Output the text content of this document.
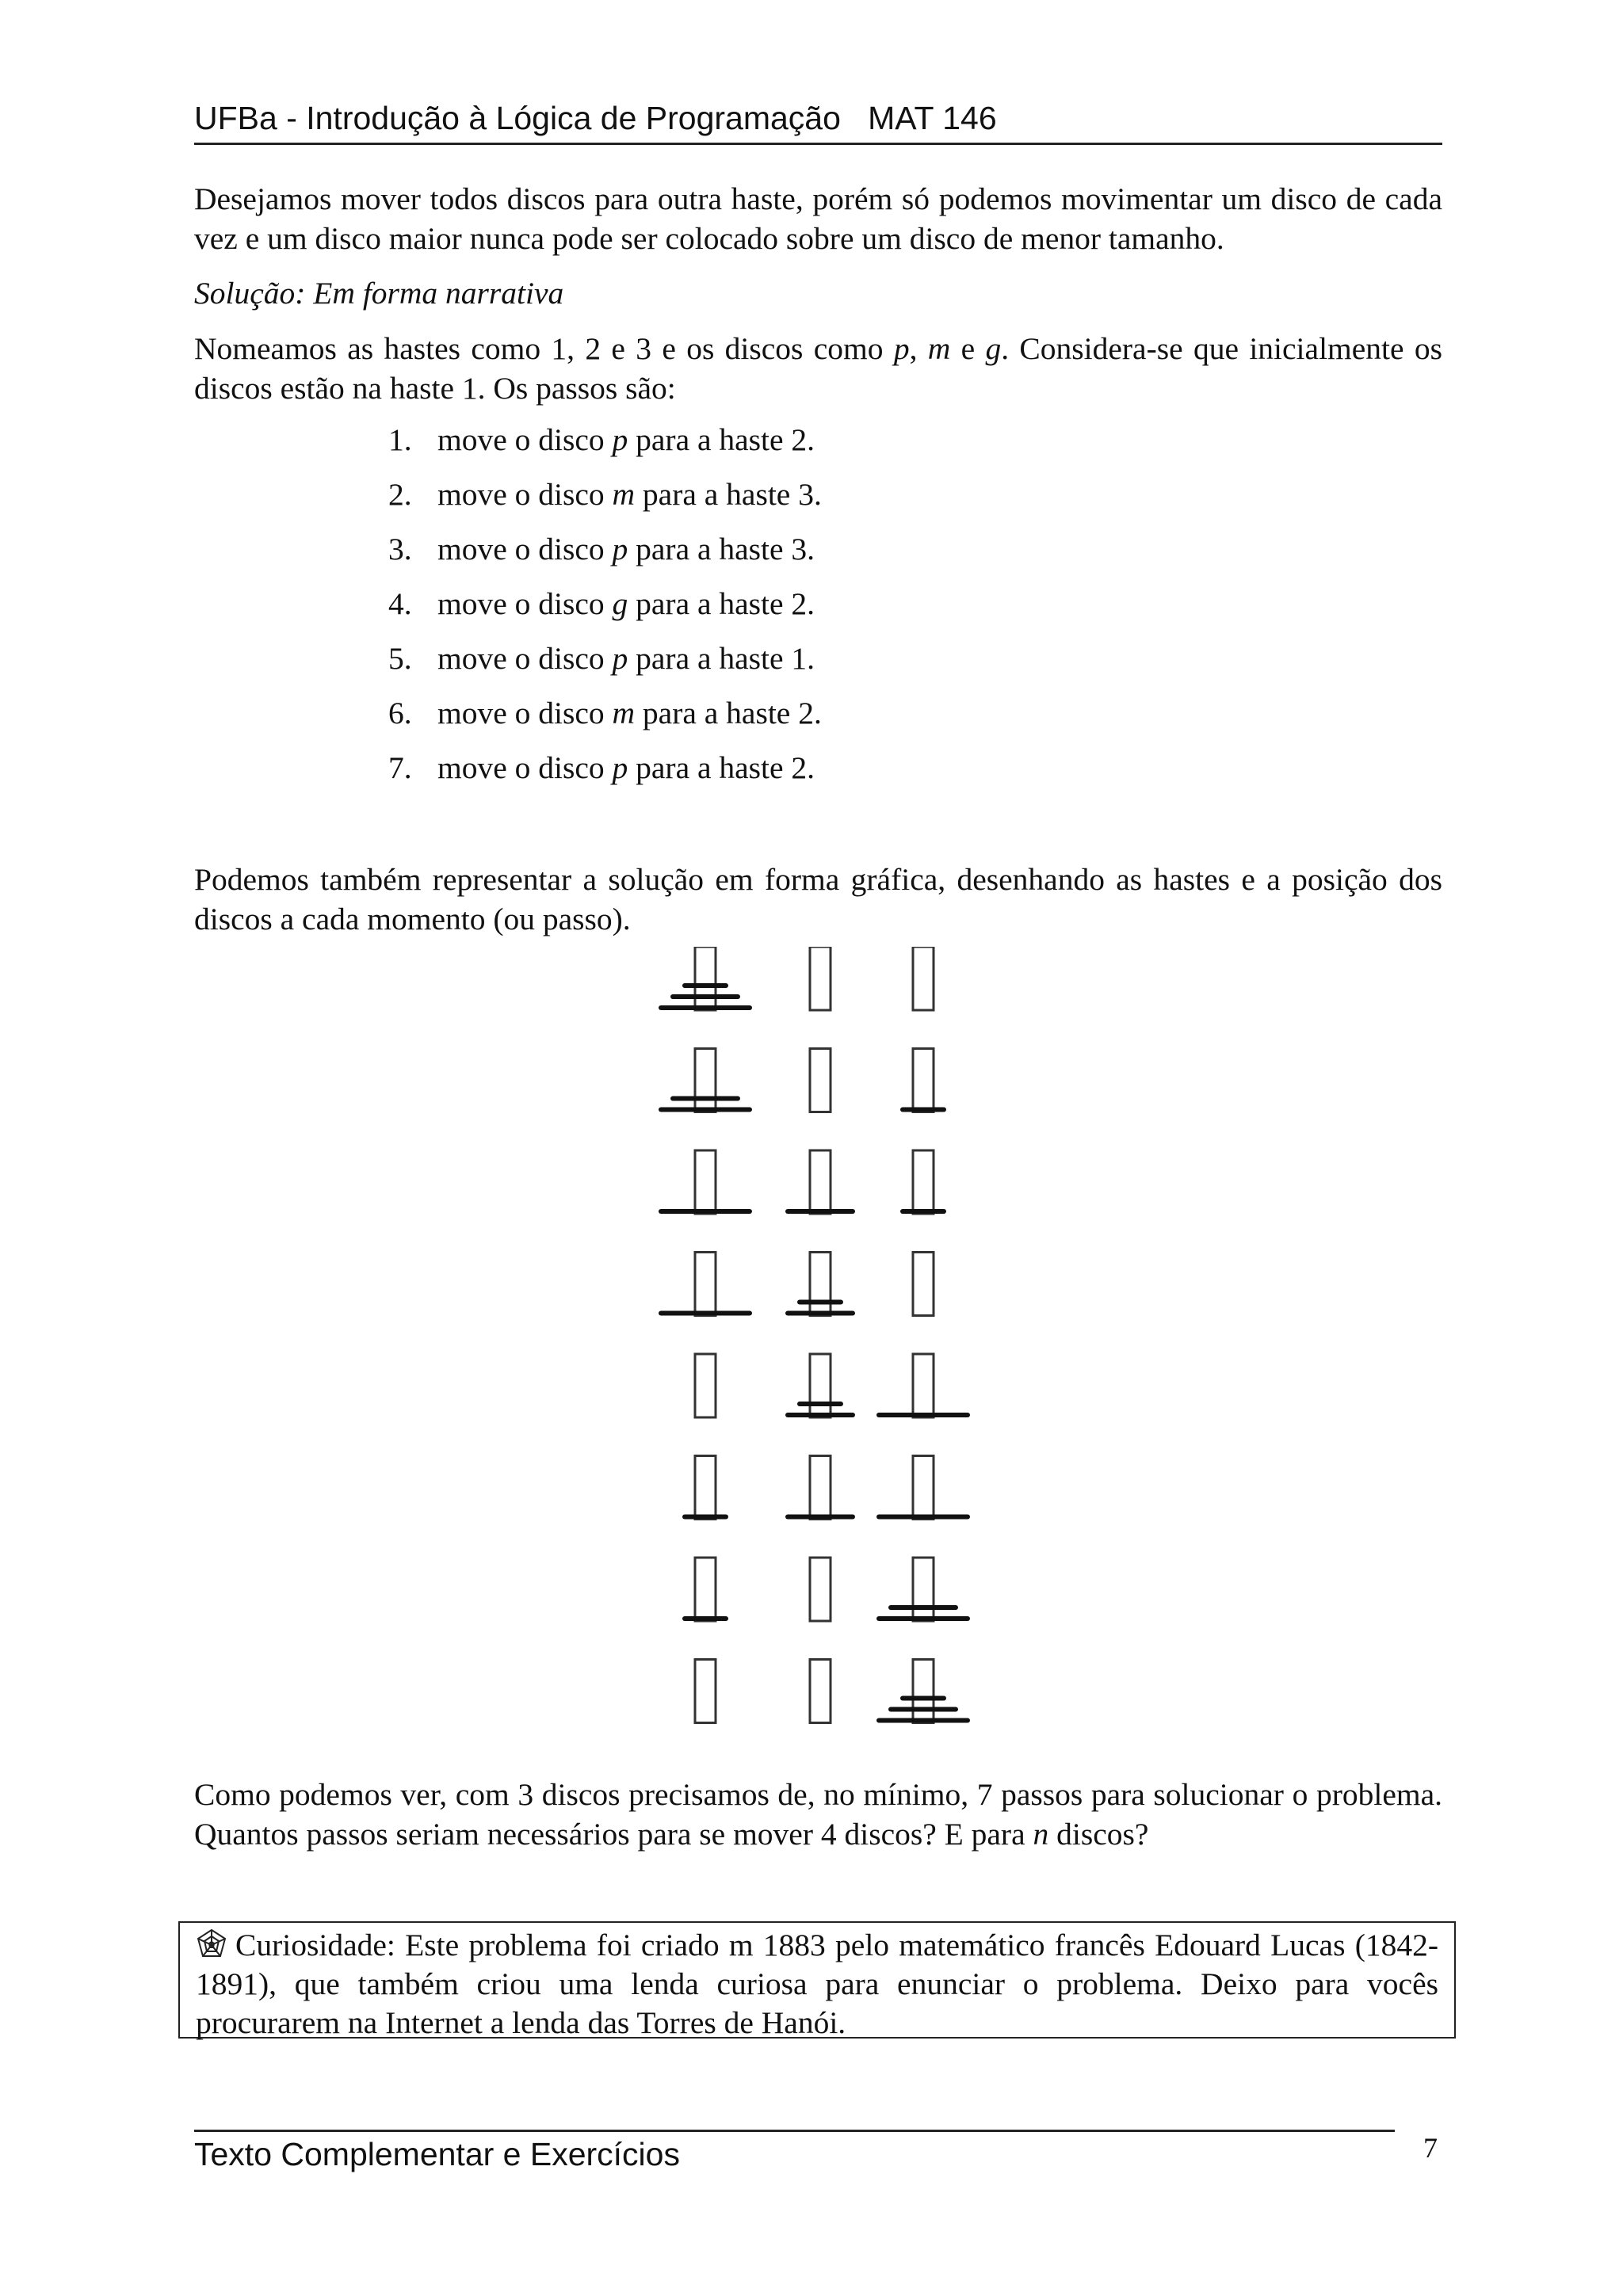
UFBa - Introdução à Lógica de Programação   MAT 146

Desejamos mover todos discos para outra haste, porém só podemos movimentar um disco de cada vez e um disco maior nunca pode ser colocado sobre um disco de menor tamanho.

Solução: Em forma narrativa

Nomeamos as hastes como 1, 2 e 3 e os discos como p, m e g. Considera-se que inicialmente os discos estão na haste 1. Os passos são:

1. move o disco p para a haste 2.
2. move o disco m para a haste 3.
3. move o disco p para a haste 3.
4. move o disco g para a haste 2.
5. move o disco p para a haste 1.
6. move o disco m para a haste 2.
7. move o disco p para a haste 2.

Podemos também representar a solução em forma gráfica, desenhando as hastes e a posição dos discos a cada momento (ou passo).

Como podemos ver, com 3 discos precisamos de, no mínimo, 7 passos para solucionar o problema. Quantos passos seriam necessários para se mover 4 discos? E para n discos?

Curiosidade: Este problema foi criado m 1883 pelo matemático francês Edouard Lucas (1842-1891), que também criou uma lenda curiosa para enunciar o problema. Deixo para vocês procurarem na Internet a lenda das Torres de Hanói.
Texto Complementar e Exercícios	7
